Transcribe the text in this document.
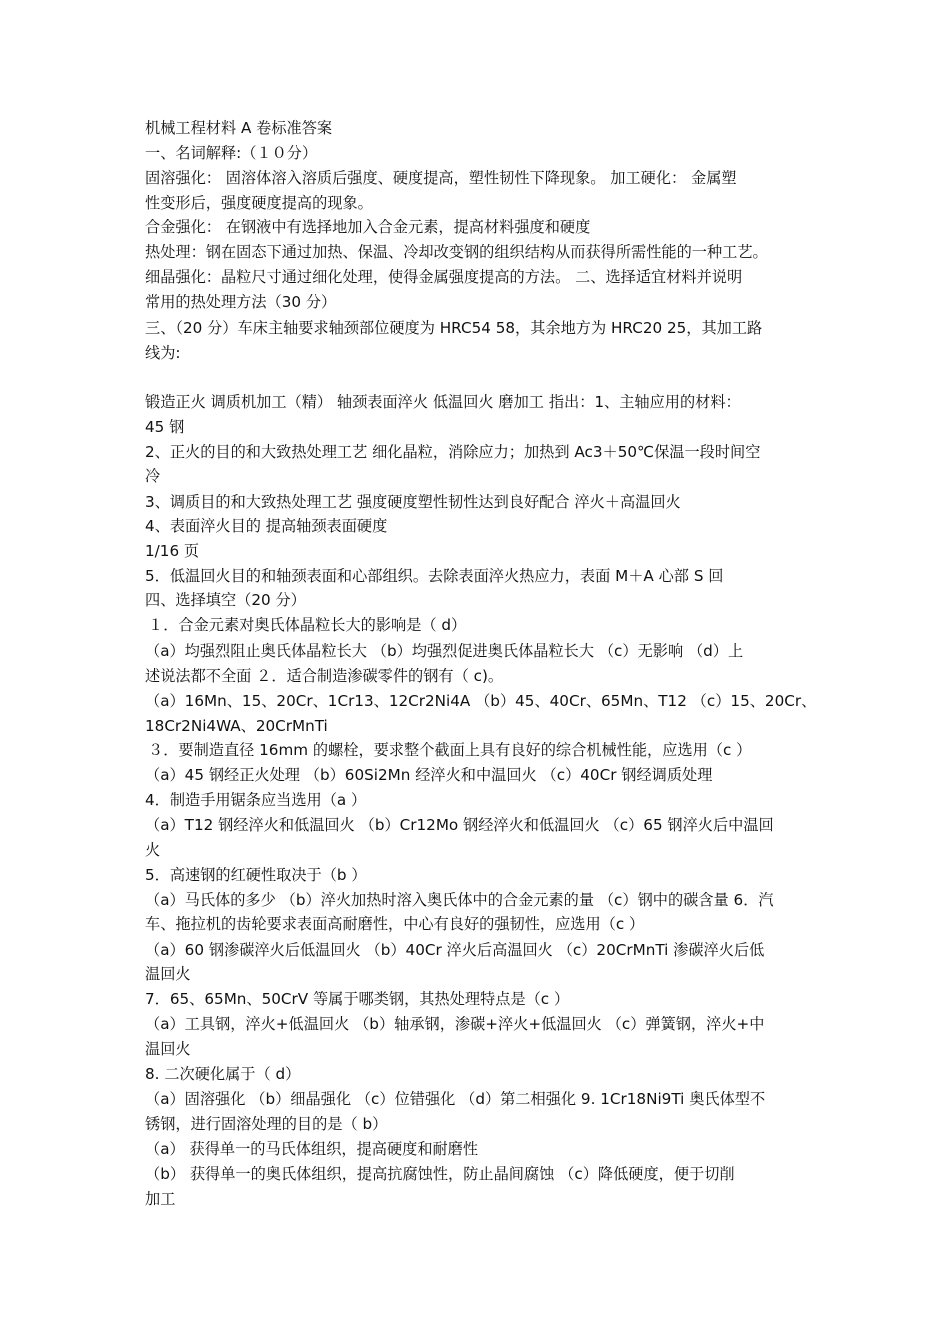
机械工程材料 A 卷标准答案
一、名词解释:（１０分）
固溶强化： 固溶体溶入溶质后强度、硬度提高，塑性韧性下降现象。 加工硬化： 金属塑
性变形后，强度硬度提高的现象。
合金强化： 在钢液中有选择地加入合金元素，提高材料强度和硬度
热处理：钢在固态下通过加热、保温、冷却改变钢的组织结构从而获得所需性能的一种工艺。
细晶强化：晶粒尺寸通过细化处理，使得金属强度提高的方法。 二、选择适宜材料并说明
常用的热处理方法（30 分）
三、（20 分）车床主轴要求轴颈部位硬度为 HRC54 58，其余地方为 HRC20 25，其加工路
线为:
锻造正火 调质机加工（精） 轴颈表面淬火 低温回火 磨加工 指出：1、主轴应用的材料：
45 钢
2、正火的目的和大致热处理工艺 细化晶粒，消除应力；加热到 Ac3＋50℃保温一段时间空
冷
3、调质目的和大致热处理工艺 强度硬度塑性韧性达到良好配合 淬火＋高温回火
4、表面淬火目的 提高轴颈表面硬度
1/16 页
5．低温回火目的和轴颈表面和心部组织。去除表面淬火热应力，表面 M＋A 心部 S 回
四、选择填空（20 分）
１．合金元素对奥氏体晶粒长大的影响是（ d）
（a）均强烈阻止奥氏体晶粒长大 （b）均强烈促进奥氏体晶粒长大 （c）无影响 （d）上
述说法都不全面 ２．适合制造渗碳零件的钢有（ c)。
（a）16Mn、15、20Cr、1Cr13、12Cr2Ni4A （b）45、40Cr、65Mn、T12 （c）15、20Cr、
18Cr2Ni4WA、20CrMnTi
３．要制造直径 16mm 的螺栓，要求整个截面上具有良好的综合机械性能，应选用（c ）
（a）45 钢经正火处理 （b）60Si2Mn 经淬火和中温回火 （c）40Cr 钢经调质处理
4．制造手用锯条应当选用（a ）
（a）T12 钢经淬火和低温回火 （b）Cr12Mo 钢经淬火和低温回火 （c）65 钢淬火后中温回
火
5．高速钢的红硬性取决于（b ）
（a）马氏体的多少 （b）淬火加热时溶入奥氏体中的合金元素的量 （c）钢中的碳含量 6．汽
车、拖拉机的齿轮要求表面高耐磨性，中心有良好的强韧性，应选用（c ）
（a）60 钢渗碳淬火后低温回火 （b）40Cr 淬火后高温回火 （c）20CrMnTi 渗碳淬火后低
温回火
7．65、65Mn、50CrV 等属于哪类钢，其热处理特点是（c ）
（a）工具钢，淬火+低温回火 （b）轴承钢，渗碳+淬火+低温回火 （c）弹簧钢，淬火+中
温回火
8. 二次硬化属于（ d）
（a）固溶强化 （b）细晶强化 （c）位错强化 （d）第二相强化 9. 1Cr18Ni9Ti 奥氏体型不
锈钢，进行固溶处理的目的是（ b）
（a） 获得单一的马氏体组织，提高硬度和耐磨性
（b） 获得单一的奥氏体组织，提高抗腐蚀性，防止晶间腐蚀 （c）降低硬度，便于切削
加工
